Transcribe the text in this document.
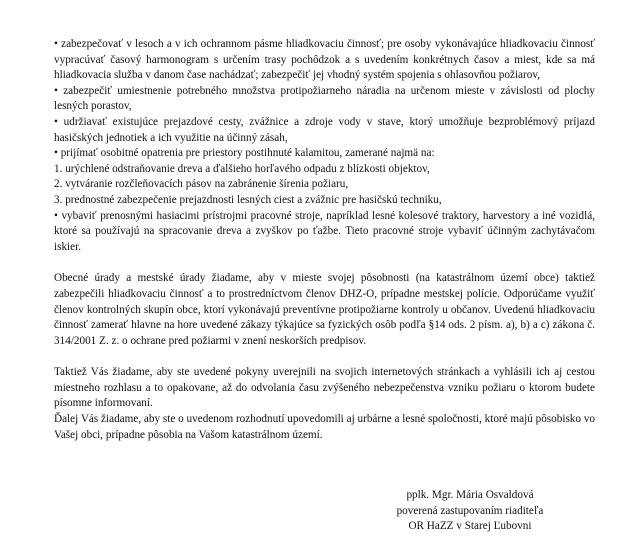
• zabezpečovať v lesoch a v ich ochrannom pásme hliadkovaciu činnosť; pre osoby vykonávajúce hliadkovaciu činnosť vypracúvať časový harmonogram s určením trasy pochôdzok a s uvedením konkrétnych časov a miest, kde sa má hliadkovacia služba v danom čase nachádzať; zabezpečiť jej vhodný systém spojenia s ohlasovňou požiarov,

• zabezpečiť umiestnenie potrebného množstva protipožiarneho náradia na určenom mieste v závislosti od plochy lesných porastov,

• udržiavať existujúce prejazdové cesty, zvážnice a zdroje vody v stave, ktorý umožňuje bezproblémový príjazd hasičských jednotiek a ich využitie na účinný zásah,

• prijímať osobitné opatrenia pre priestory postihnuté kalamitou, zamerané najmä na:

1. urýchlené odstraňovanie dreva a ďalšieho horľavého odpadu z blízkosti objektov,

2. vytváranie rozčleňovacích pásov na zabránenie šírenia požiaru,

3. prednostné zabezpečenie prejazdnosti lesných ciest a zvážnic pre hasičskú techniku,

• vybaviť prenosnými hasiacimi prístrojmi pracovné stroje, napríklad lesné kolesové traktory, harvestory a iné vozidlá, ktoré sa používajú na spracovanie dreva a zvyškov po ťažbe. Tieto pracovné stroje vybaviť účinným zachytávačom iskier.

Obecné úrady a mestské úrady žiadame, aby v mieste svojej pôsobnosti (na katastrálnom území obce) taktiež zabezpečili hliadkovaciu činnosť a to prostredníctvom členov DHZ-O, prípadne mestskej polície. Odporúčame využiť členov kontrolných skupín obce, ktorí vykonávajú preventívne protipožiarne kontroly u občanov. Uvedenú hliadkovaciu činnosť zamerať hlavne na hore uvedené zákazy týkajúce sa fyzických osôb podľa §14 ods. 2 písm. a), b) a c) zákona č. 314/2001 Z. z. o ochrane pred požiarmi v znení neskorších predpisov.

Taktiež Vás žiadame, aby ste uvedené pokyny uverejnili na svojich internetových stránkach a vyhlásili ich aj cestou miestneho rozhlasu a to opakovane, až do odvolania času zvýšeného nebezpečenstva vzniku požiaru o ktorom budete písomne informovaní.

Ďalej Vás žiadame, aby ste o uvedenom rozhodnutí upovedomili aj urbárne a lesné spoločnosti, ktoré majú pôsobisko vo Vašej obci, prípadne pôsobia na Vašom katastrálnom území.

pplk. Mgr. Mária Osvaldová
poverená zastupovaním riaditeľa
OR HaZZ v Starej Ľubovni
